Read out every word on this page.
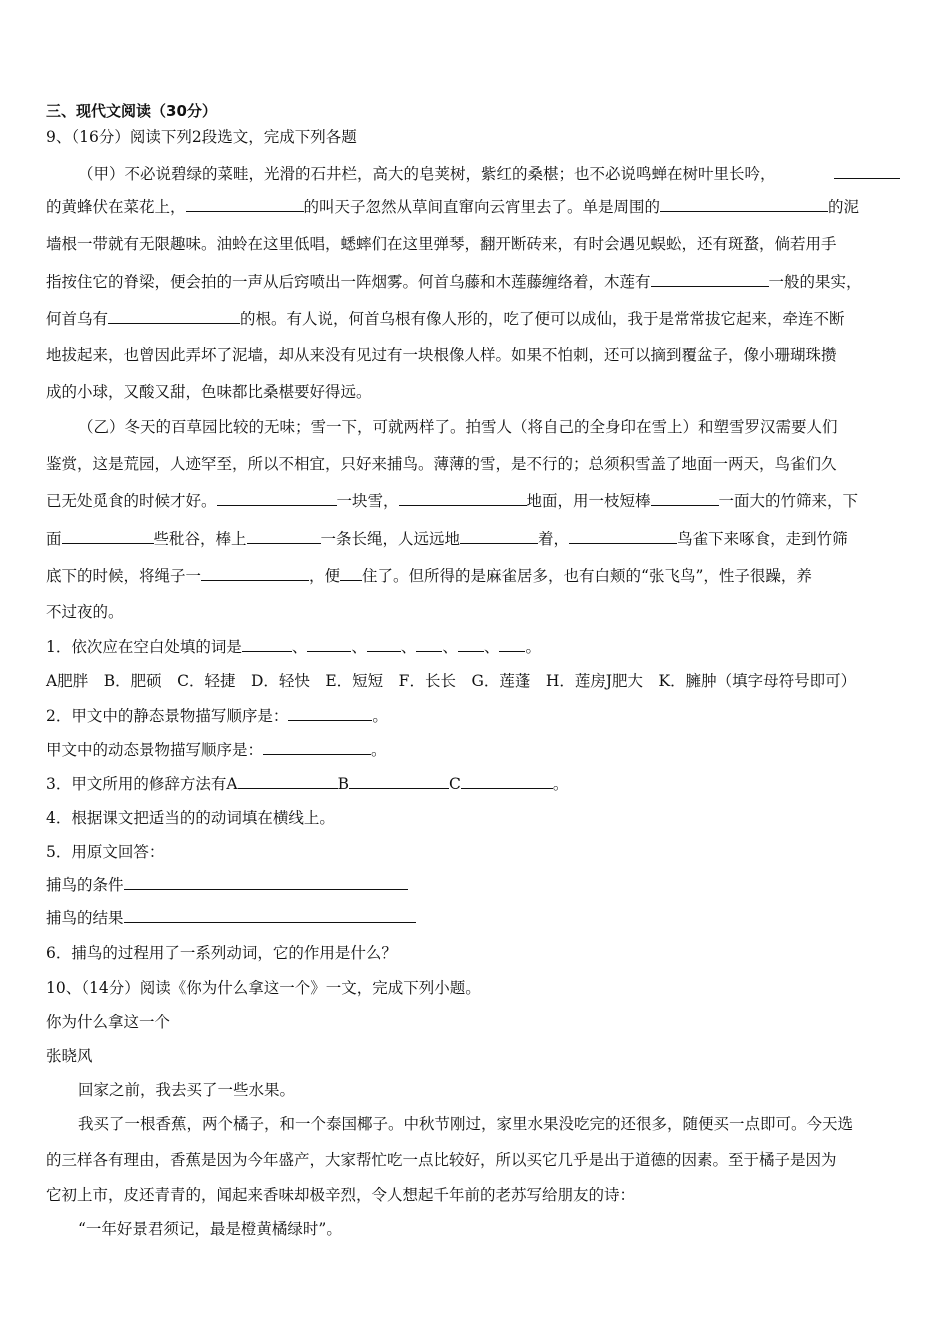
三、现代文阅读（30分）
9、（16分）阅读下列2段选文，完成下列各题
（甲）不必说碧绿的菜畦，光滑的石井栏，高大的皂荚树，紫红的桑椹；也不必说鸣蝉在树叶里长吟，
的黄蜂伏在菜花上，	的叫天子忽然从草间直窜向云宵里去了。单是周围的	的泥
墙根一带就有无限趣味。油蛉在这里低唱，蟋蟀们在这里弹琴，翻开断砖来，有时会遇见蜈蚣，还有斑蝥，倘若用手
指按住它的脊梁，便会拍的一声从后窍喷出一阵烟雾。何首乌藤和木莲藤缠络着，木莲有	一般的果实，
何首乌有	的根。有人说，何首乌根有像人形的，吃了便可以成仙，我于是常常拔它起来，牵连不断
地拔起来，也曾因此弄坏了泥墙，却从来没有见过有一块根像人样。如果不怕刺，还可以摘到覆盆子，像小珊瑚珠攒
成的小球，又酸又甜，色味都比桑椹要好得远。
（乙）冬天的百草园比较的无味；雪一下，可就两样了。拍雪人（将自己的全身印在雪上）和塑雪罗汉需要人们
鉴赏，这是荒园，人迹罕至，所以不相宜，只好来捕鸟。薄薄的雪，是不行的；总须积雪盖了地面一两天，鸟雀们久
已无处觅食的时候才好。	一块雪，	地面，用一枝短棒	一面大的竹筛来，下
面	些秕谷，棒上	一条长绳，人远远地	着，	鸟雀下来啄食，走到竹筛
底下的时候，将绳子一	，便 住了。但所得的是麻雀居多，也有白颊的“张飞鸟”，性子很躁，养
不过夜的。
1．依次应在空白处填的词是	、	、 、 、 、 。
A肥胖　B．肥硕　C．轻捷　D．轻快　E．短短　F．长长　G．莲蓬　H．莲房J肥大　K．臃肿（填字母符号即可）
2．甲文中的静态景物描写顺序是：	。
甲文中的动态景物描写顺序是：	。
3．甲文所用的修辞方法有A	B	C	。
4．根据课文把适当的的动词填在横线上。
5．用原文回答：
捕鸟的条件
捕鸟的结果
6．捕鸟的过程用了一系列动词，它的作用是什么？
10、（14分）阅读《你为什么拿这一个》一文，完成下列小题。
你为什么拿这一个
张晓风
回家之前，我去买了一些水果。
我买了一根香蕉，两个橘子，和一个泰国椰子。中秋节刚过，家里水果没吃完的还很多，随便买一点即可。今天选
的三样各有理由，香蕉是因为今年盛产，大家帮忙吃一点比较好，所以买它几乎是出于道德的因素。至于橘子是因为
它初上市，皮还青青的，闻起来香味却极辛烈，令人想起千年前的老苏写给朋友的诗：
“一年好景君须记，最是橙黄橘绿时”。
